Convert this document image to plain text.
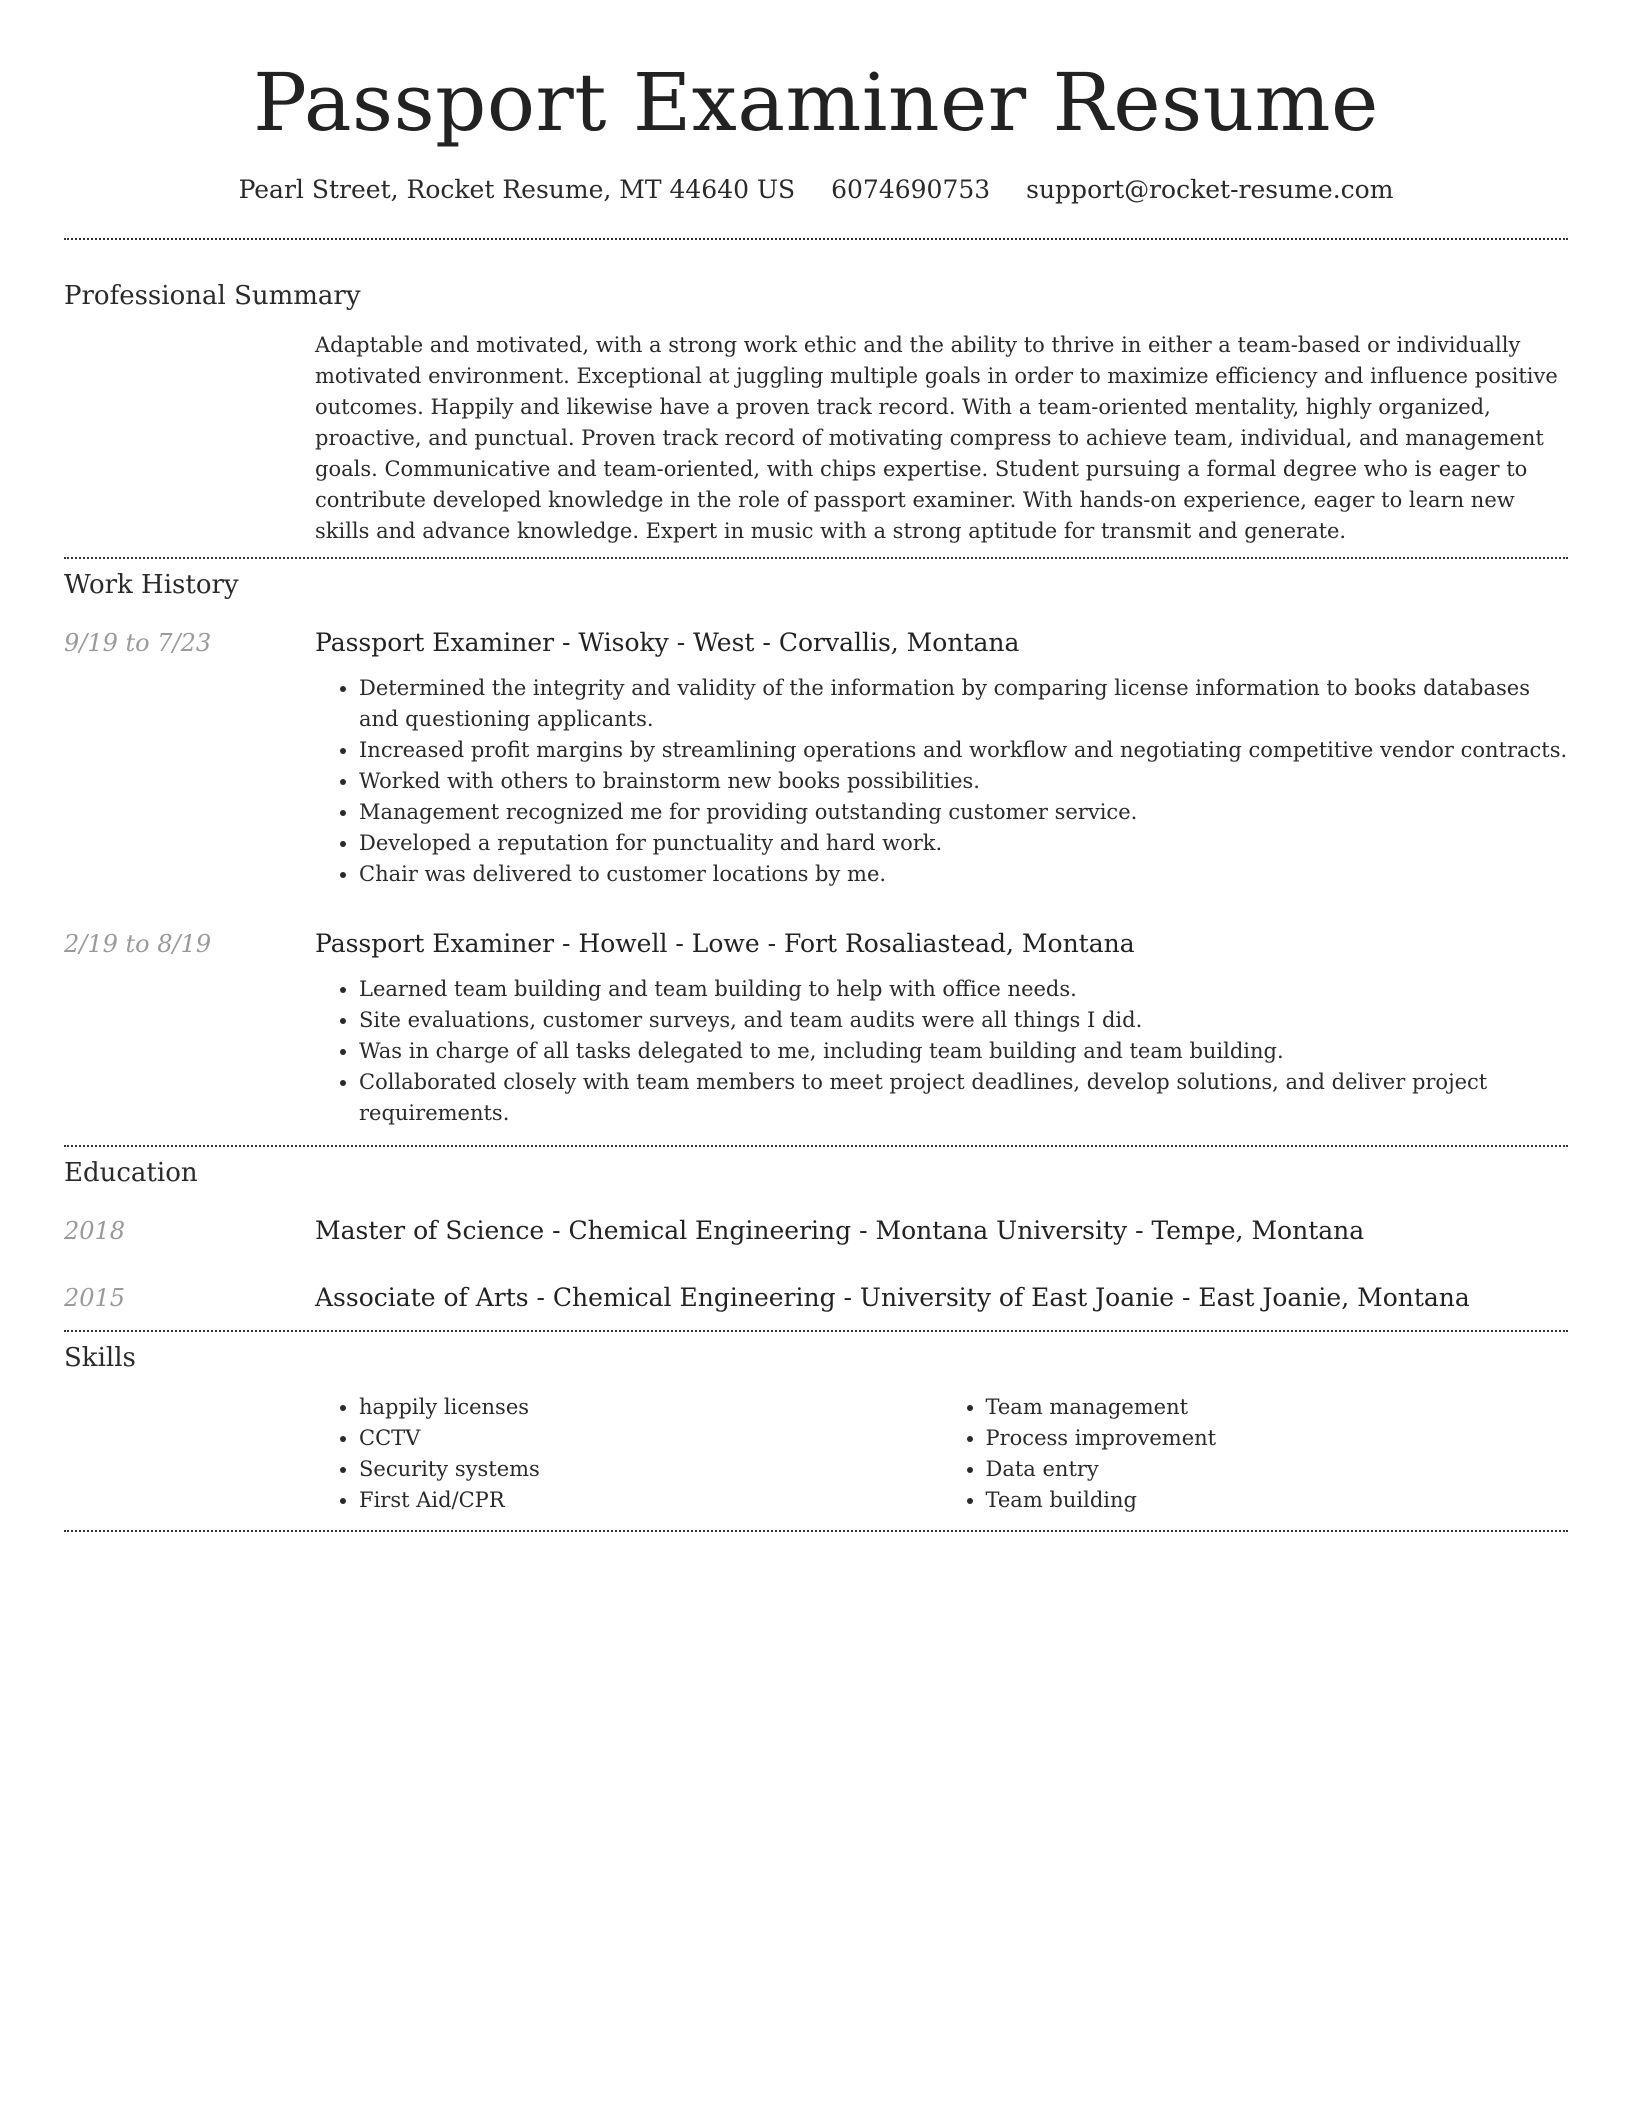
Passport Examiner Resume
Pearl Street, Rocket Resume, MT 44640 US 6074690753 support@rocket-resume.com
Professional Summary

Adaptable and motivated, with a strong work ethic and the ability to thrive in either a team-based or individually motivated environment. Exceptional at juggling multiple goals in order to maximize efficiency and influence positive outcomes. Happily and likewise have a proven track record. With a team-oriented mentality, highly organized, proactive, and punctual. Proven track record of motivating compress to achieve team, individual, and management goals. Communicative and team-oriented, with chips expertise. Student pursuing a formal degree who is eager to contribute developed knowledge in the role of passport examiner. With hands-on experience, eager to learn new skills and advance knowledge. Expert in music with a strong aptitude for transmit and generate.

Work History
9/19 to 7/23	Passport Examiner - Wisoky - West - Corvallis, Montana
• Determined the integrity and validity of the information by comparing license information to books databases and questioning applicants.
• Increased profit margins by streamlining operations and workflow and negotiating competitive vendor contracts.
• Worked with others to brainstorm new books possibilities.
• Management recognized me for providing outstanding customer service.
• Developed a reputation for punctuality and hard work.
• Chair was delivered to customer locations by me.
2/19 to 8/19	Passport Examiner - Howell - Lowe - Fort Rosaliastead, Montana
• Learned team building and team building to help with office needs.
• Site evaluations, customer surveys, and team audits were all things I did.
• Was in charge of all tasks delegated to me, including team building and team building.
• Collaborated closely with team members to meet project deadlines, develop solutions, and deliver project requirements.
Education
2018	Master of Science - Chemical Engineering - Montana University - Tempe, Montana
2015	Associate of Arts - Chemical Engineering - University of East Joanie - East Joanie, Montana
Skills
• happily licenses
• CCTV
• Security systems
• First Aid/CPR
• Team management
• Process improvement
• Data entry
• Team building
